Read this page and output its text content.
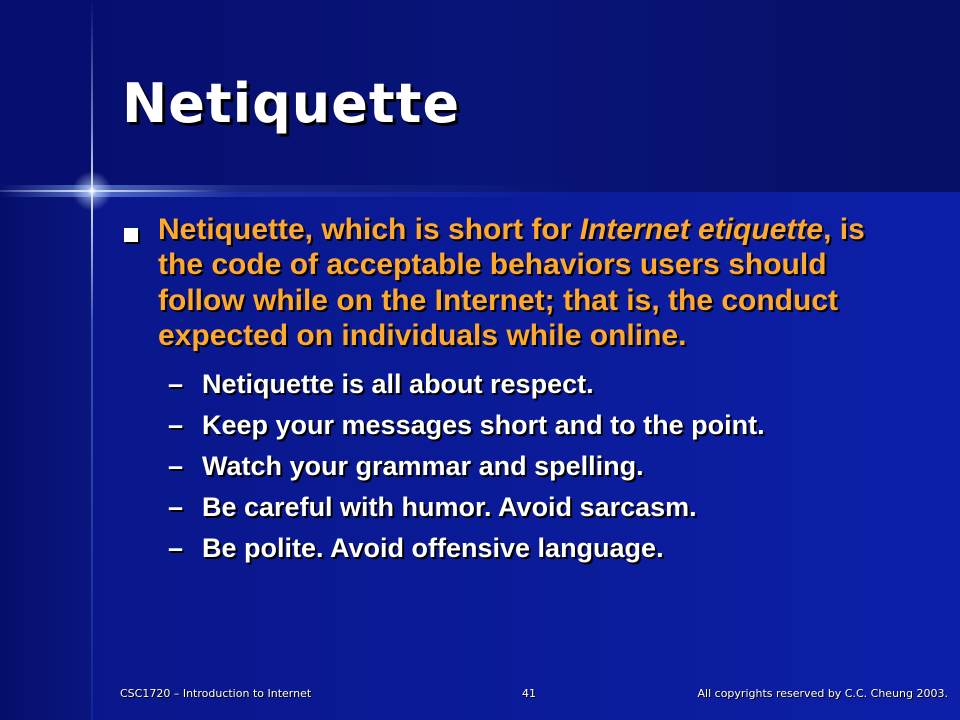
Netiquette
Netiquette, which is short for Internet etiquette, is the code of acceptable behaviors users should follow while on the Internet; that is, the conduct expected on individuals while online.
– Netiquette is all about respect.
– Keep your messages short and to the point.
– Watch your grammar and spelling.
– Be careful with humor. Avoid sarcasm.
– Be polite. Avoid offensive language.
CSC1720 – Introduction to Internet	41	All copyrights reserved by C.C. Cheung 2003.
